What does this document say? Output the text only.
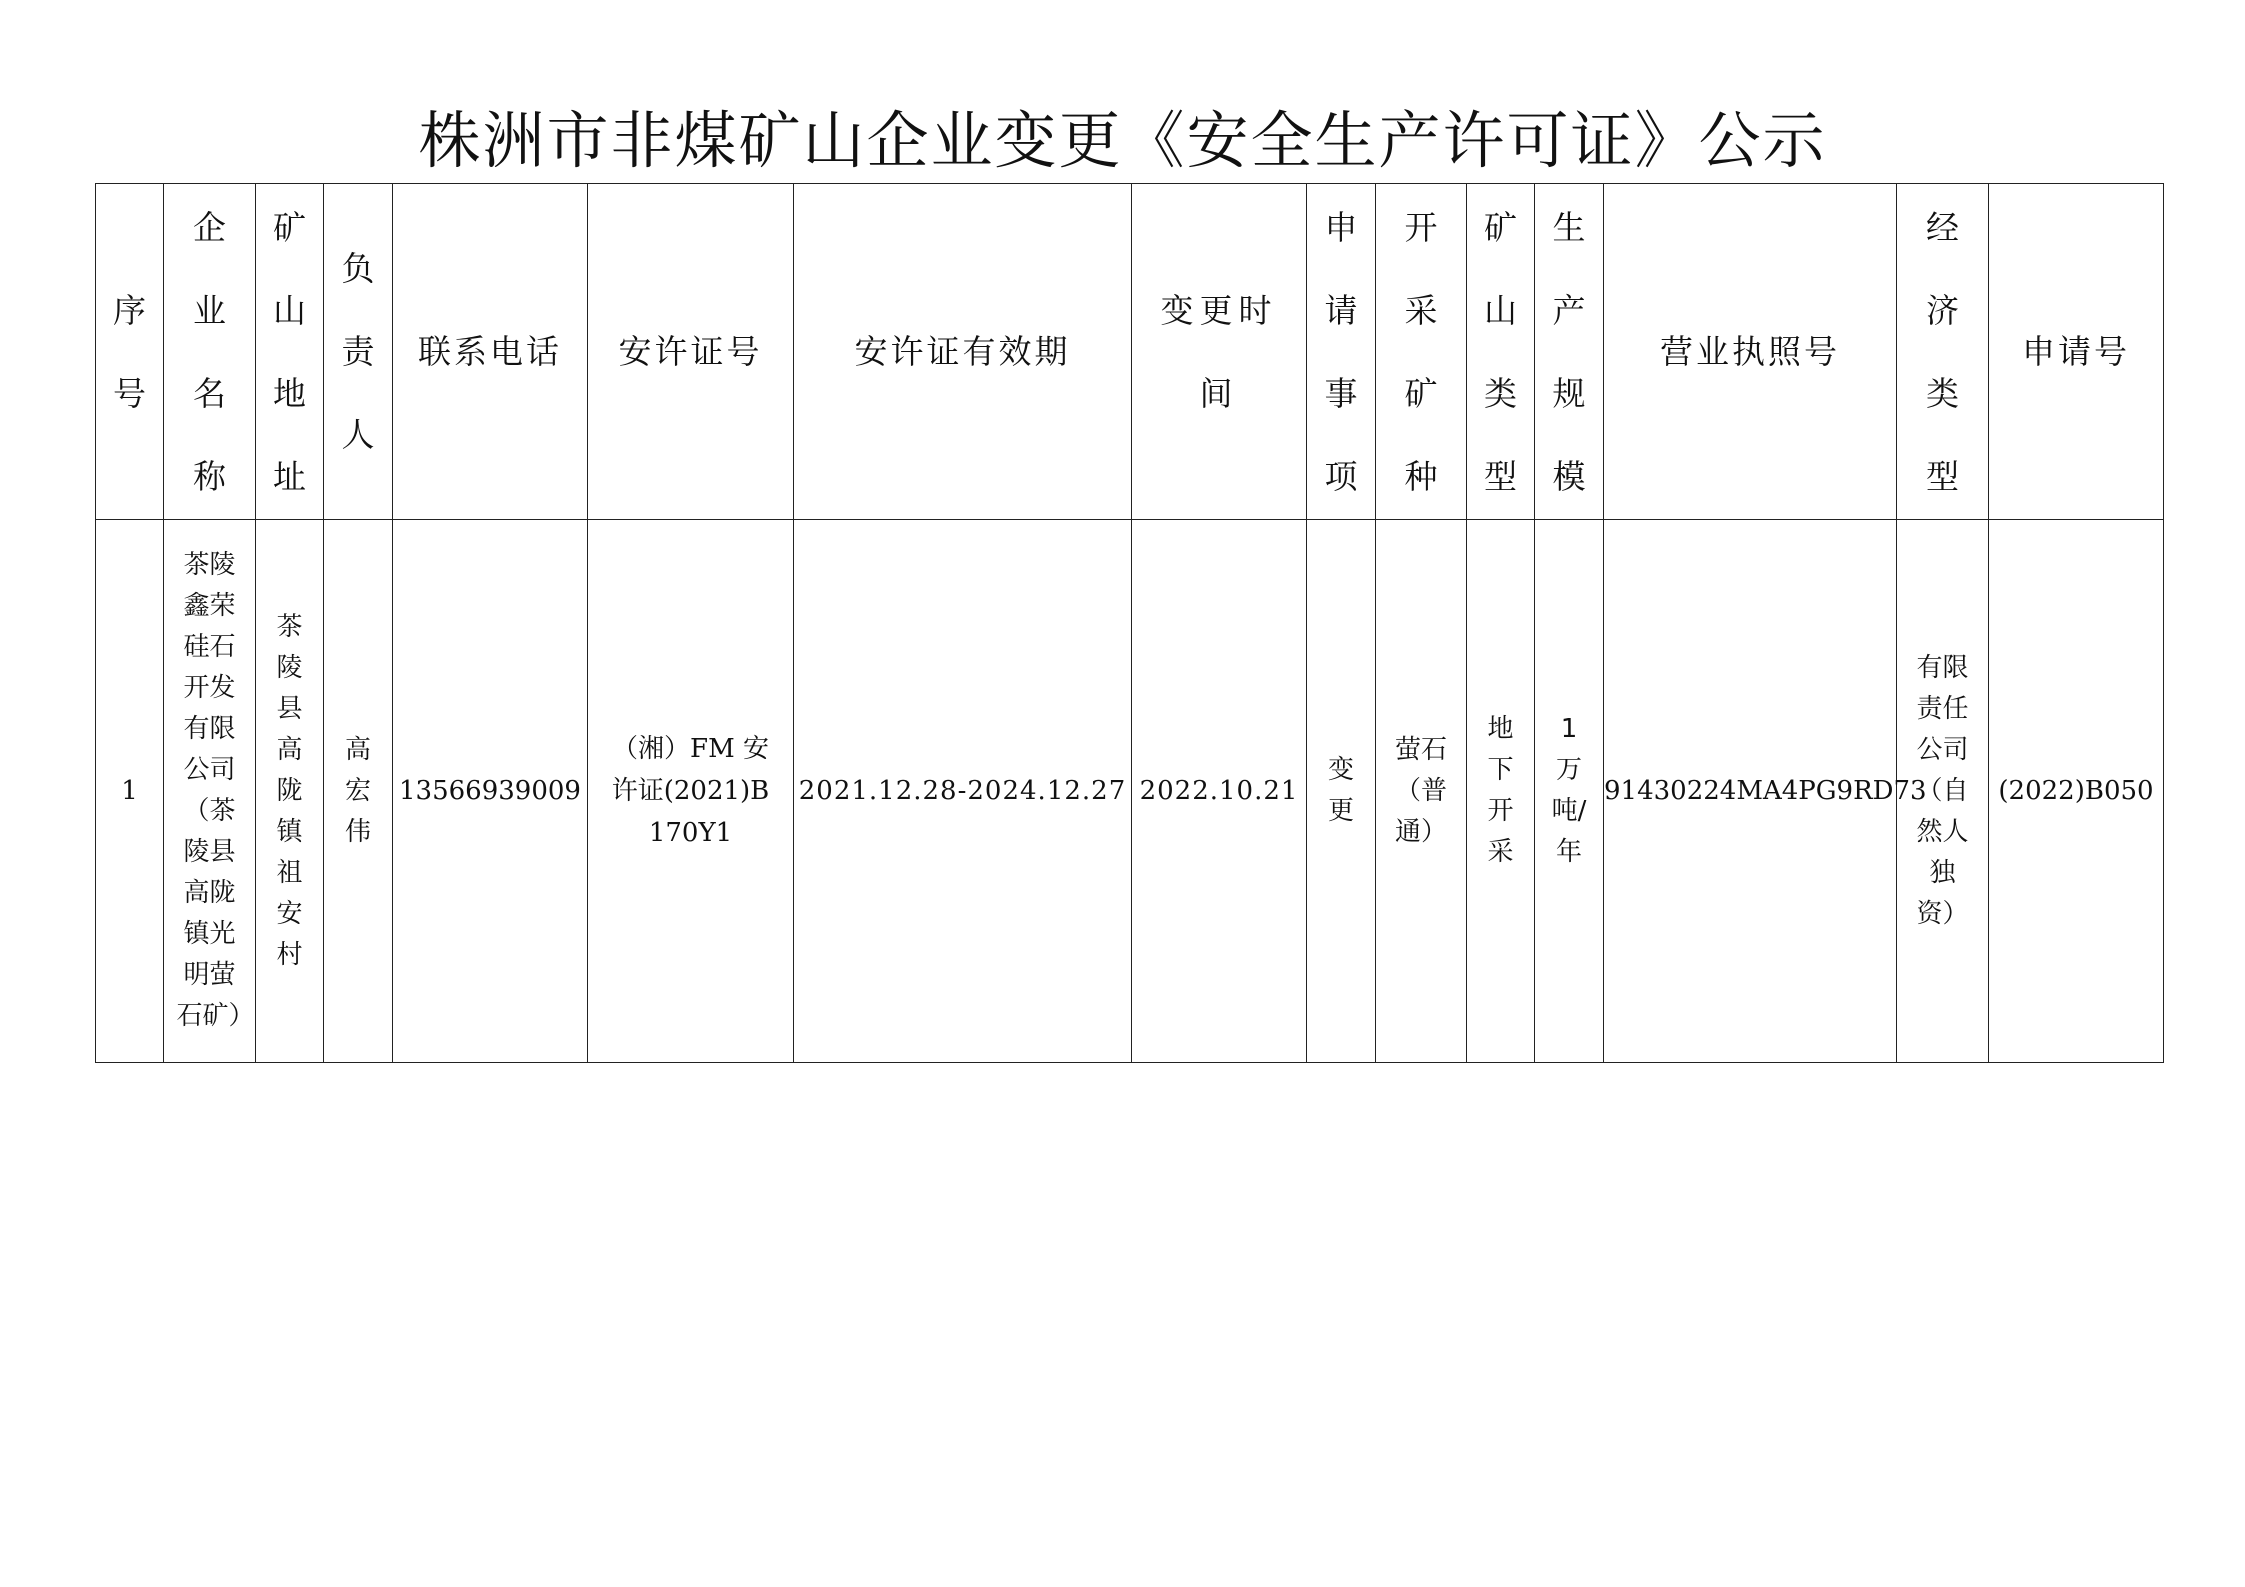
株洲市非煤矿山企业变更《安全生产许可证》公示
序号	企业名称	矿山地址	负责人	联系电话	安许证号	安许证有效期	变更时间	申请事项	开采矿种	矿山类型	生产规模	营业执照号	经济类型	申请号
1	茶陵鑫荣硅石开发有限公司（茶陵县高陇镇光明萤石矿）	茶陵县高陇镇祖安村	高宏伟	13566939009	（湘）FM 安许证(2021)B170Y1	2021.12.28-2024.12.27	2022.10.21	变更	萤石（普通）	地下开采	1万吨/年	91430224MA4PG9RD73	有限责任公司（自然人独资）	(2022)B050
